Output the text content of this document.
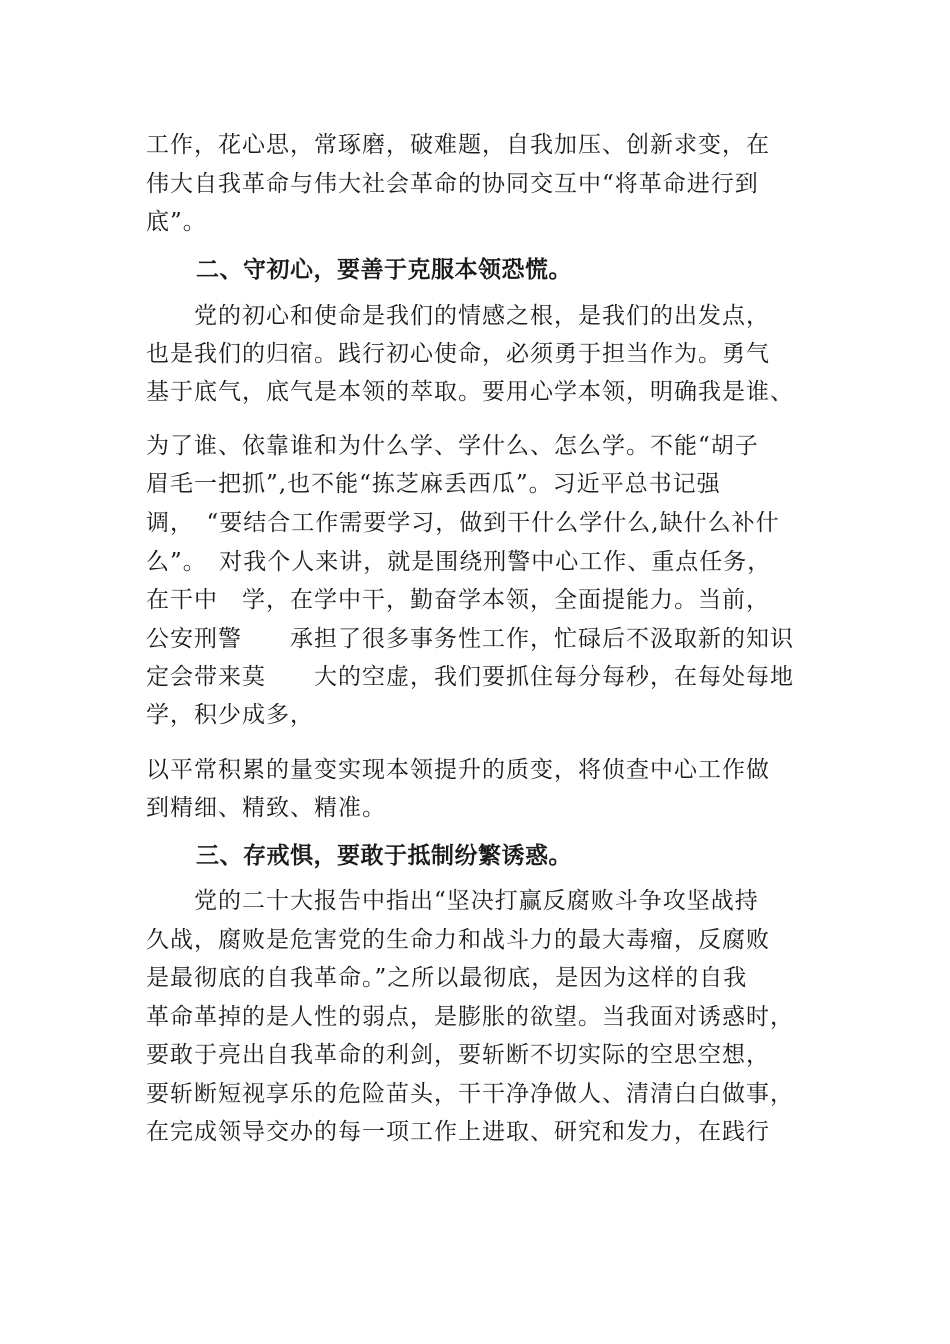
工作，花心思，常琢磨，破难题，自我加压、创新求变，在
伟大自我革命与伟大社会革命的协同交互中“将革命进行到
底”。
二、守初心，要善于克服本领恐慌。
　　党的初心和使命是我们的情感之根，是我们的出发点，
也是我们的归宿。践行初心使命，必须勇于担当作为。勇气
基于底气，底气是本领的萃取。要用心学本领，明确我是谁、
为了谁、依靠谁和为什么学、学什么、怎么学。不能“胡子
眉毛一把抓”,也不能“拣芝麻丢西瓜”。习近平总书记强
调，　“要结合工作需要学习，做到干什么学什么,缺什么补什
么”。　对我个人来讲，就是围绕刑警中心工作、重点任务，
在干中　学，在学中干，勤奋学本领，全面提能力。当前，
公安刑警　　承担了很多事务性工作，忙碌后不汲取新的知识
定会带来莫　　大的空虚，我们要抓住每分每秒，在每处每地
学，积少成多，
以平常积累的量变实现本领提升的质变，将侦查中心工作做
到精细、精致、精准。
三、存戒惧，要敢于抵制纷繁诱惑。
　　党的二十大报告中指出“坚决打赢反腐败斗争攻坚战持
久战，腐败是危害党的生命力和战斗力的最大毒瘤，反腐败
是最彻底的自我革命。”之所以最彻底，是因为这样的自我
革命革掉的是人性的弱点，是膨胀的欲望。当我面对诱惑时，
要敢于亮出自我革命的利剑，要斩断不切实际的空思空想，
要斩断短视享乐的危险苗头，干干净净做人、清清白白做事，
在完成领导交办的每一项工作上进取、研究和发力，在践行
